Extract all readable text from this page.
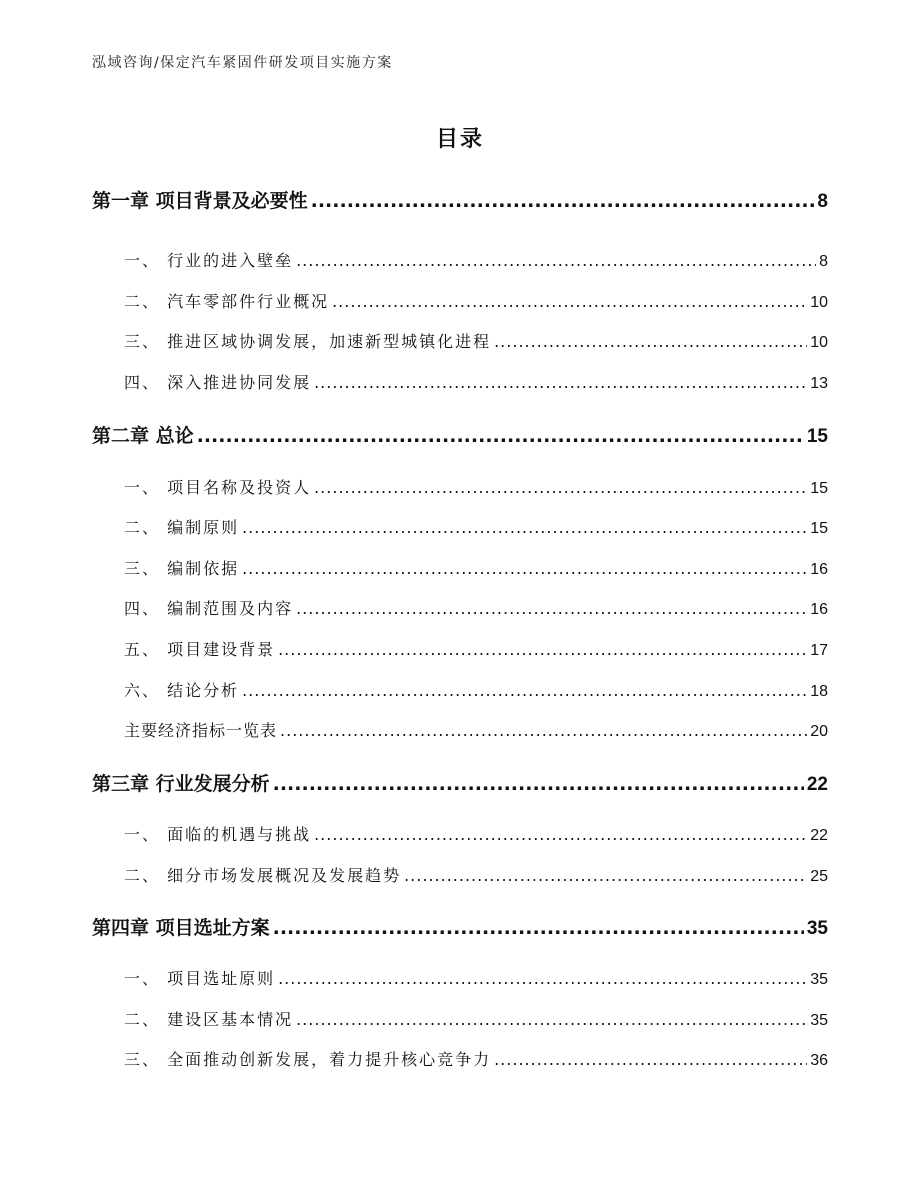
泓域咨询/保定汽车紧固件研发项目实施方案
目录
第一章 项目背景及必要性 .....	8
一、 行业的进入壁垒 .....	8
二、 汽车零部件行业概况 .....	10
三、 推进区域协调发展，加速新型城镇化进程 .....	10
四、 深入推进协同发展 .....	13
第二章 总论 .....	15
一、 项目名称及投资人 .....	15
二、 编制原则 .....	15
三、 编制依据 .....	16
四、 编制范围及内容 .....	16
五、 项目建设背景 .....	17
六、 结论分析 .....	18
主要经济指标一览表 .....	20
第三章 行业发展分析 .....	22
一、 面临的机遇与挑战 .....	22
二、 细分市场发展概况及发展趋势 .....	25
第四章 项目选址方案 .....	35
一、 项目选址原则 .....	35
二、 建设区基本情况 .....	35
三、 全面推动创新发展，着力提升核心竞争力 .....	36
